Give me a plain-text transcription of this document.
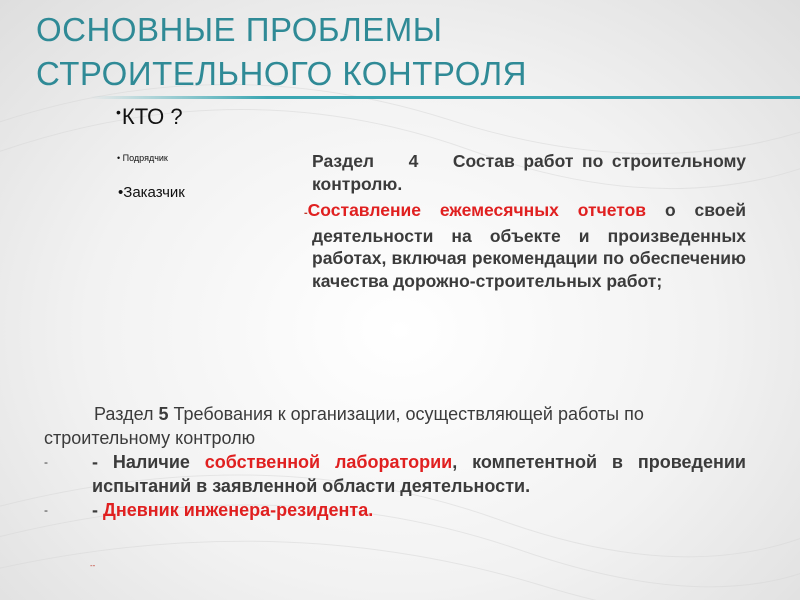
ОСНОВНЫЕ ПРОБЛЕМЫ
СТРОИТЕЛЬНОГО КОНТРОЛЯ
•КТО ?
• Подрядчик
•Заказчик
Раздел 4 Состав работ по строительному контролю.
-Составление ежемесячных отчетов о своей деятельности на объекте и произведенных работах, включая рекомендации по обеспечению качества дорожно-строительных работ;
Раздел 5 Требования к организации, осуществляющей работы по строительному контролю
- - Наличие собственной лаборатории, компетентной в проведении испытаний в заявленной области деятельности.
- - Дневник инженера-резидента.
--
